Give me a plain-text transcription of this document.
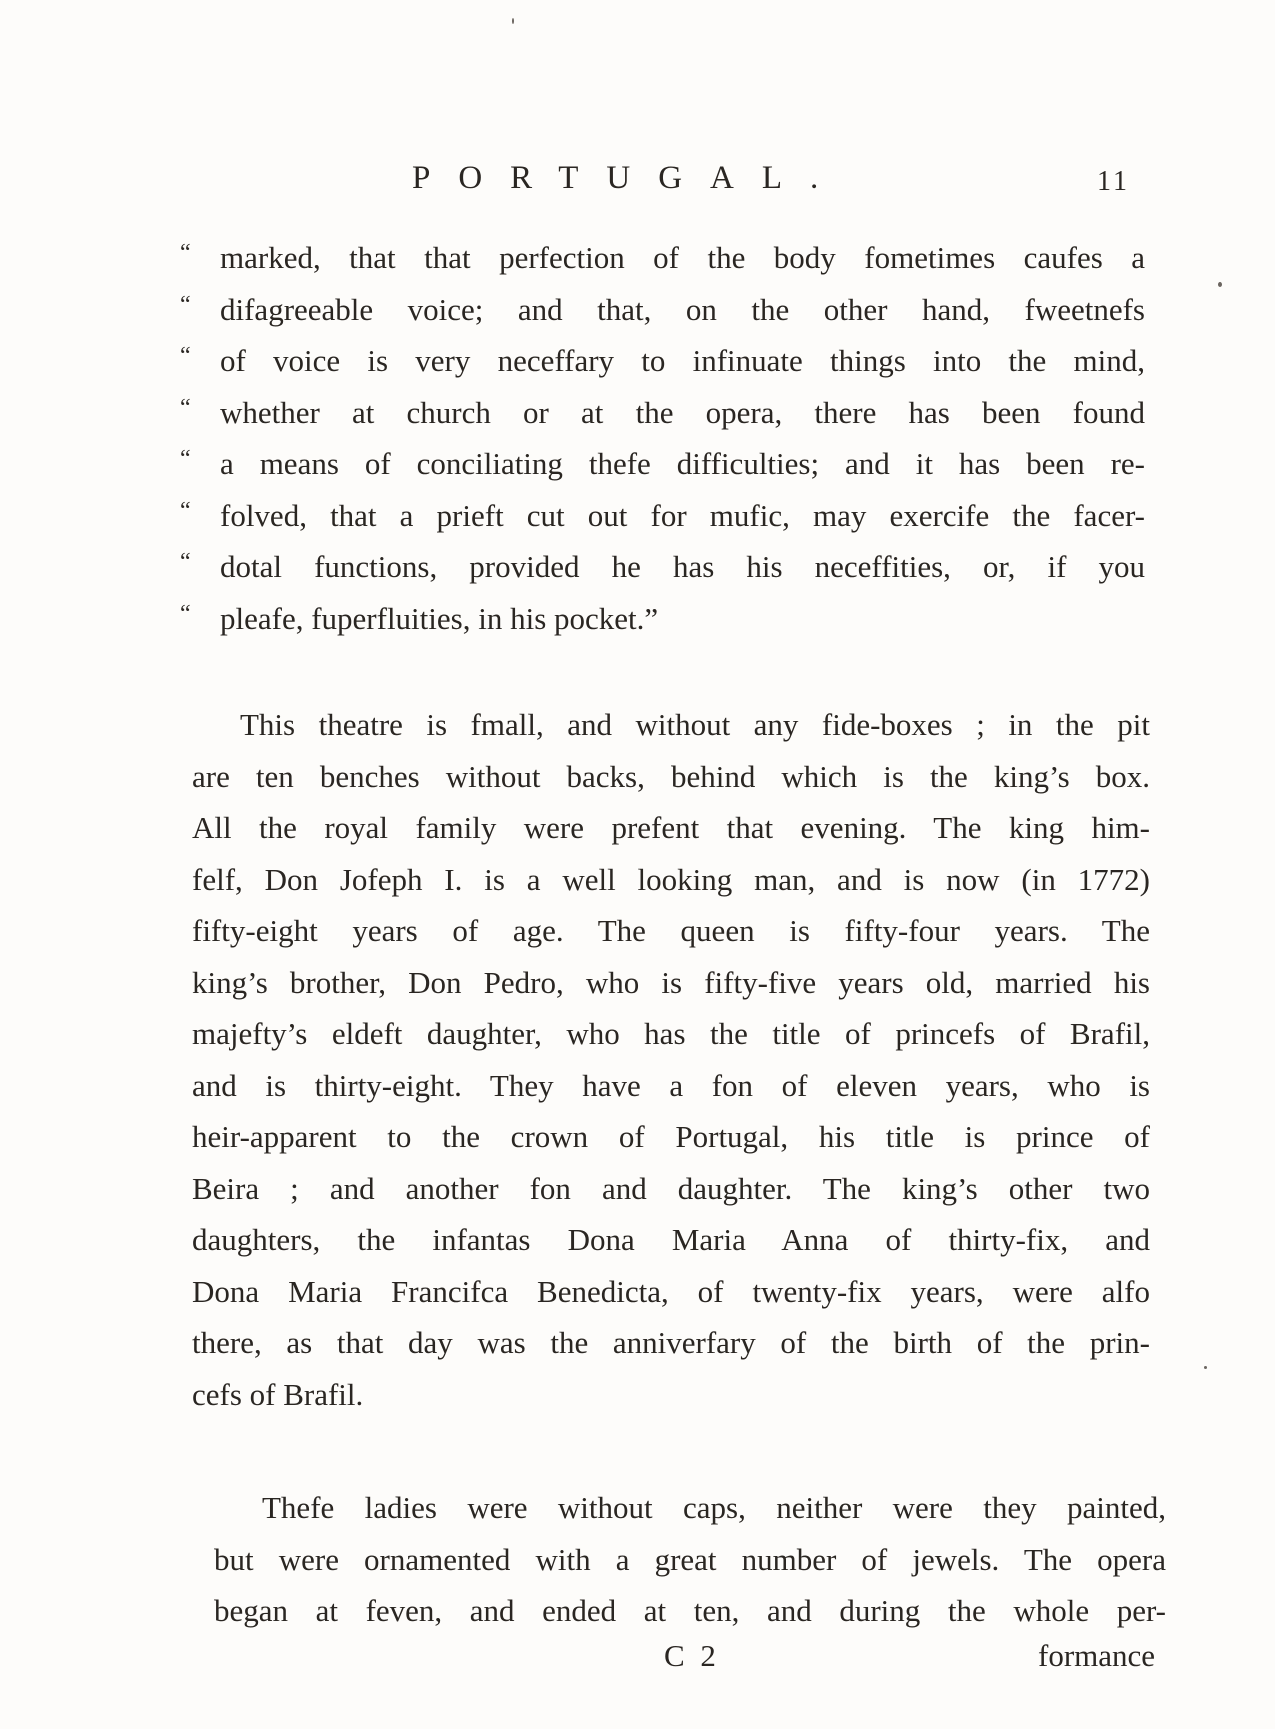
PORTUGAL.	11
“ marked, that that perfection of the body fometimes caufes a
“ difagreeable voice; and that, on the other hand, fweetnefs
“ of voice is very neceffary to infinuate things into the mind,
“ whether at church or at the opera, there has been found
“ a means of conciliating thefe difficulties; and it has been re-
“ folved, that a prieft cut out for mufic, may exercife the facer-
“ dotal functions, provided he has his neceffities, or, if you
“ pleafe, fuperfluities, in his pocket.”
This theatre is fmall, and without any fide-boxes ; in the pit
are ten benches without backs, behind which is the king’s box.
All the royal family were prefent that evening. The king him-
felf, Don Jofeph I. is a well looking man, and is now (in 1772)
fifty-eight years of age. The queen is fifty-four years. The
king’s brother, Don Pedro, who is fifty-five years old, married his
majefty’s eldeft daughter, who has the title of princefs of Brafil,
and is thirty-eight. They have a fon of eleven years, who is
heir-apparent to the crown of Portugal, his title is prince of
Beira ; and another fon and daughter. The king’s other two
daughters, the infantas Dona Maria Anna of thirty-fix, and
Dona Maria Francifca Benedicta, of twenty-fix years, were alfo
there, as that day was the anniverfary of the birth of the prin-
cefs of Brafil.
Thefe ladies were without caps, neither were they painted,
but were ornamented with a great number of jewels. The opera
began at feven, and ended at ten, and during the whole per-
C 2	formance
